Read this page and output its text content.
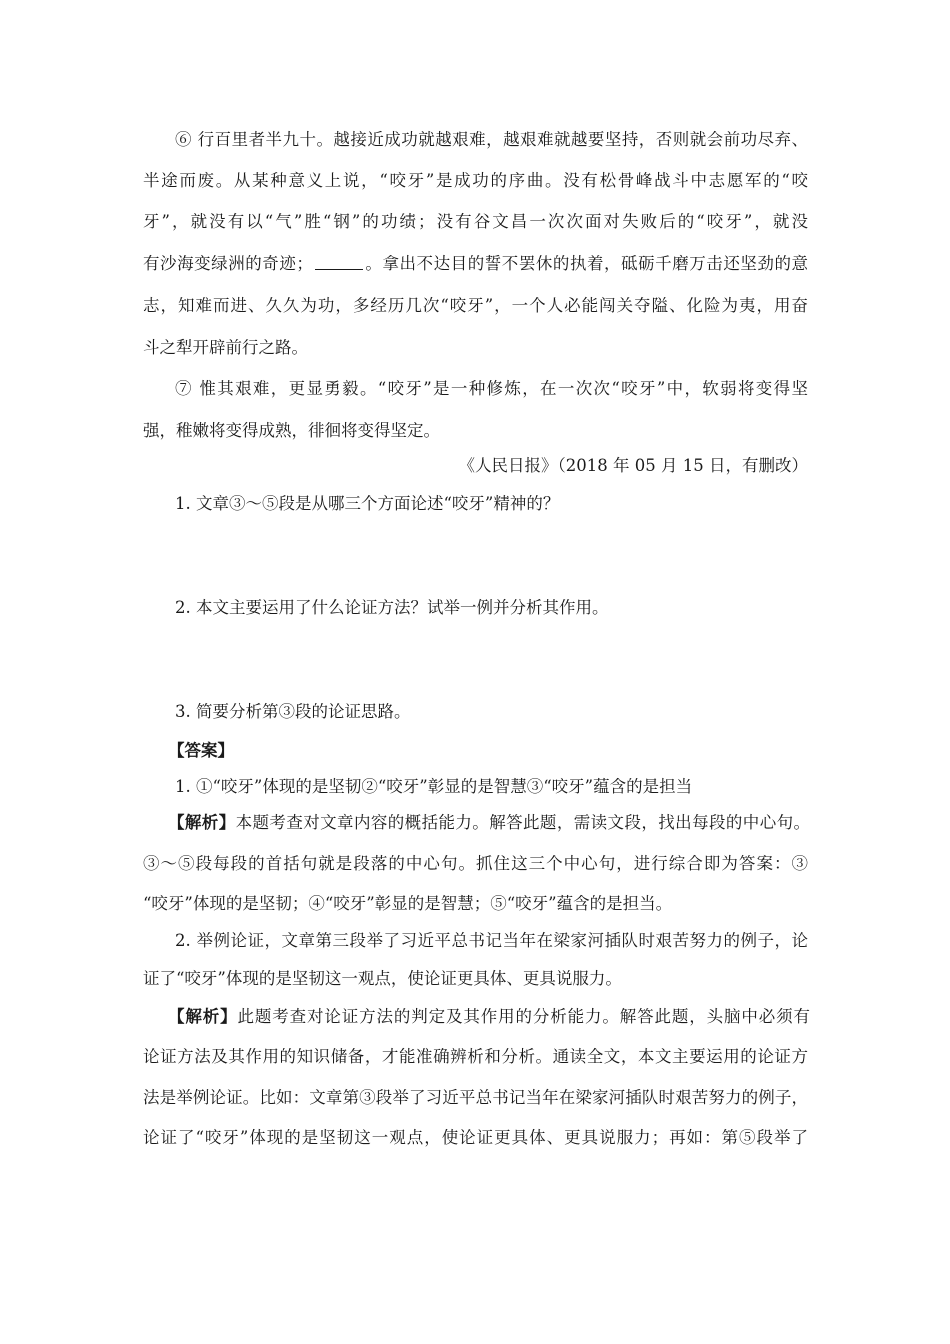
⑥ 行百里者半九十。越接近成功就越艰难，越艰难就越要坚持，否则就会前功尽弃、
半途而废。从某种意义上说，“咬牙”是成功的序曲。没有松骨峰战斗中志愿军的“咬
牙”，就没有以“气”胜“钢”的功绩；没有谷文昌一次次面对失败后的“咬牙”，就没
有沙海变绿洲的奇迹；	。拿出不达目的誓不罢休的执着，砥砺千磨万击还坚劲的意
志，知难而进、久久为功，多经历几次“咬牙”，一个人必能闯关夺隘、化险为夷，用奋
斗之犁开辟前行之路。
⑦ 惟其艰难，更显勇毅。“咬牙”是一种修炼，在一次次“咬牙”中，软弱将变得坚
强，稚嫩将变得成熟，徘徊将变得坚定。
《人民日报》（2018 年 05 月 15 日，有删改）
1. 文章③～⑤段是从哪三个方面论述“咬牙”精神的？
2. 本文主要运用了什么论证方法？试举一例并分析其作用。
3. 简要分析第③段的论证思路。
【答案】
1. ①“咬牙”体现的是坚韧②“咬牙”彰显的是智慧③“咬牙”蕴含的是担当
【解析】本题考查对文章内容的概括能力。解答此题，需读文段，找出每段的中心句。
③～⑤段每段的首括句就是段落的中心句。抓住这三个中心句，进行综合即为答案：③
“咬牙”体现的是坚韧；④“咬牙”彰显的是智慧；⑤“咬牙”蕴含的是担当。
2. 举例论证，文章第三段举了习近平总书记当年在梁家河插队时艰苦努力的例子，论
证了“咬牙”体现的是坚韧这一观点，使论证更具体、更具说服力。
【解析】此题考查对论证方法的判定及其作用的分析能力。解答此题，头脑中必须有
论证方法及其作用的知识储备，才能准确辨析和分析。通读全文，本文主要运用的论证方
法是举例论证。比如：文章第③段举了习近平总书记当年在梁家河插队时艰苦努力的例子，
论证了“咬牙”体现的是坚韧这一观点，使论证更具体、更具说服力；再如：第⑤段举了
